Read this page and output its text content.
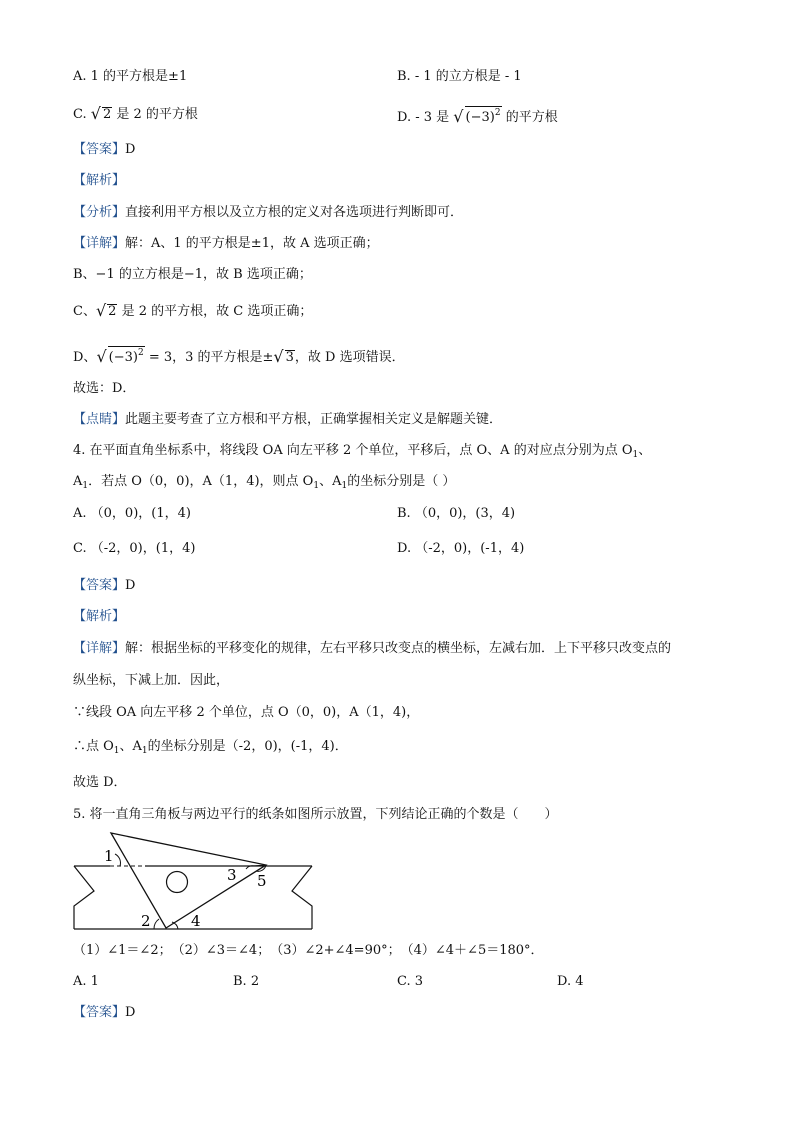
A. 1 的平方根是±1	B. - 1 的立方根是 - 1
C. √ 2 是 2 的平方根	D. - 3 是 √ $(-3)^2$ 的平方根
【答案】D
【解析】
【分析】直接利用平方根以及立方根的定义对各选项进行判断即可．
【详解】解：A、1 的平方根是±1，故 A 选项正确；
B、−1 的立方根是−1，故 B 选项正确；
C、√ 2 是 2 的平方根，故 C 选项正确；
D、√ $(-3)^2 = 3$，3 的平方根是±√ 3，故 D 选项错误．
故选：D．
【点睛】此题主要考查了立方根和平方根，正确掌握相关定义是解题关键．
4. 在平面直角坐标系中，将线段 OA 向左平移 2 个单位，平移后，点 O、A 的对应点分别为点 $O_1$、
$A_1$．若点 O（0，0)，A（1，4)，则点 $O_1$、$A_1$的坐标分别是（ ）
A. （0，0)，(1，4)	B. （0，0)，(3，4)
C. （-2，0)，(1，4)	D. （-2，0)，(-1，4)
【答案】D
【解析】
【详解】解：根据坐标的平移变化的规律，左右平移只改变点的横坐标，左减右加．上下平移只改变点的
纵坐标，下减上加．因此，
∵线段 OA 向左平移 2 个单位，点 O（0，0)，A（1，4)，
∴点 $O_1$、$A_1$的坐标分别是（-2，0)，(-1，4)．
故选 D．
5. 将一直角三角板与两边平行的纸条如图所示放置，下列结论正确的个数是（　　）
1
2
3
4
5
（1）∠1＝∠2；　（2）∠3＝∠4；　（3）∠2+∠4=90°；　（4）∠4＋∠5＝180°．
A. 1	B. 2	C. 3	D. 4
【答案】D
